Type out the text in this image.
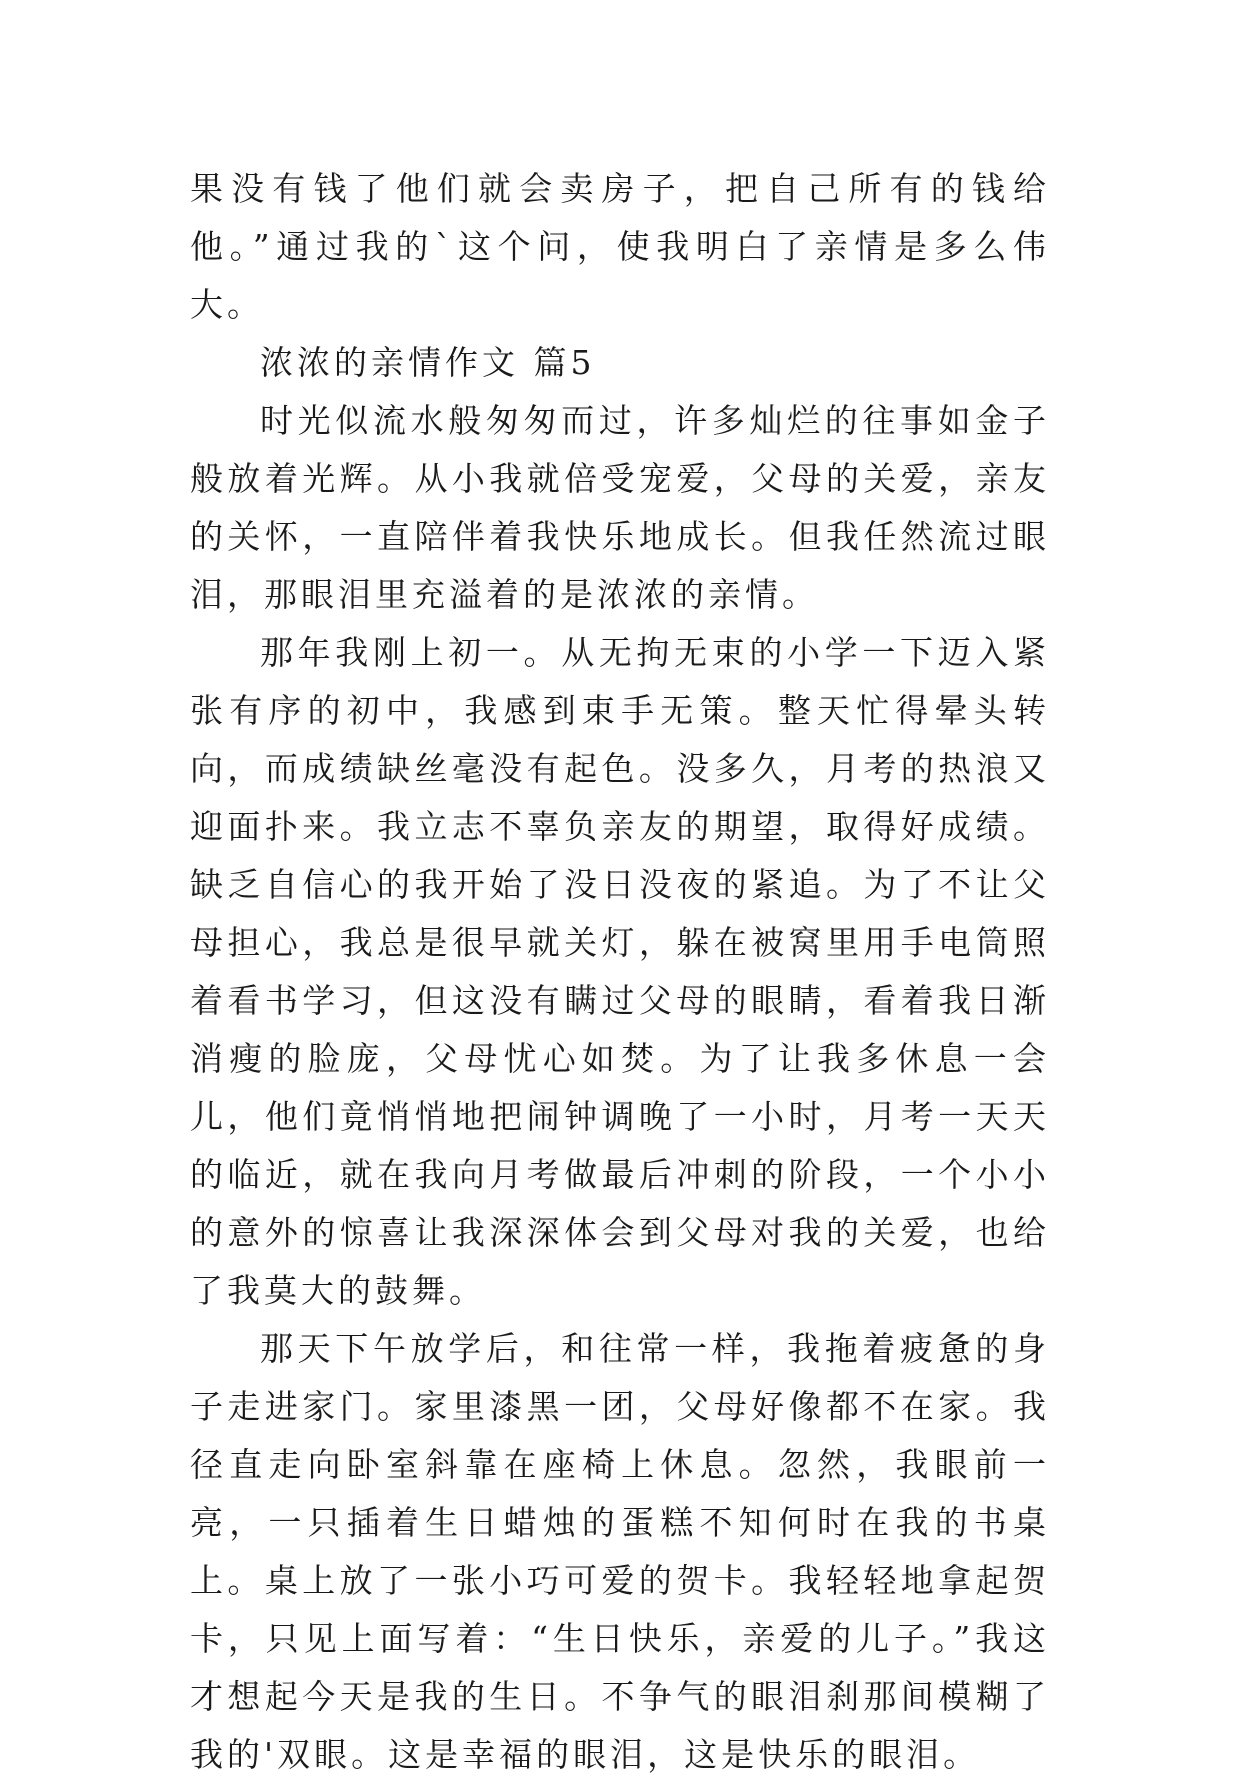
果没有钱了他们就会卖房子，把自己所有的钱给他。”通过我的`这个问，使我明白了亲情是多么伟大。

浓浓的亲情作文 篇5

时光似流水般匆匆而过，许多灿烂的往事如金子般放着光辉。从小我就倍受宠爱，父母的关爱，亲友的关怀，一直陪伴着我快乐地成长。但我任然流过眼泪，那眼泪里充溢着的是浓浓的亲情。

那年我刚上初一。从无拘无束的小学一下迈入紧张有序的初中，我感到束手无策。整天忙得晕头转向，而成绩缺丝毫没有起色。没多久，月考的热浪又迎面扑来。我立志不辜负亲友的期望，取得好成绩。缺乏自信心的我开始了没日没夜的紧追。为了不让父母担心，我总是很早就关灯，躲在被窝里用手电筒照着看书学习，但这没有瞒过父母的眼睛，看着我日渐消瘦的脸庞，父母忧心如焚。为了让我多休息一会儿，他们竟悄悄地把闹钟调晚了一小时，月考一天天的临近，就在我向月考做最后冲刺的阶段，一个小小的意外的惊喜让我深深体会到父母对我的关爱，也给了我莫大的鼓舞。

那天下午放学后，和往常一样，我拖着疲惫的身子走进家门。家里漆黑一团，父母好像都不在家。我径直走向卧室斜靠在座椅上休息。忽然，我眼前一亮，一只插着生日蜡烛的蛋糕不知何时在我的书桌上。桌上放了一张小巧可爱的贺卡。我轻轻地拿起贺卡，只见上面写着：“生日快乐，亲爱的儿子。”我这才想起今天是我的生日。不争气的眼泪刹那间模糊了我的'双眼。这是幸福的眼泪，这是快乐的眼泪。
